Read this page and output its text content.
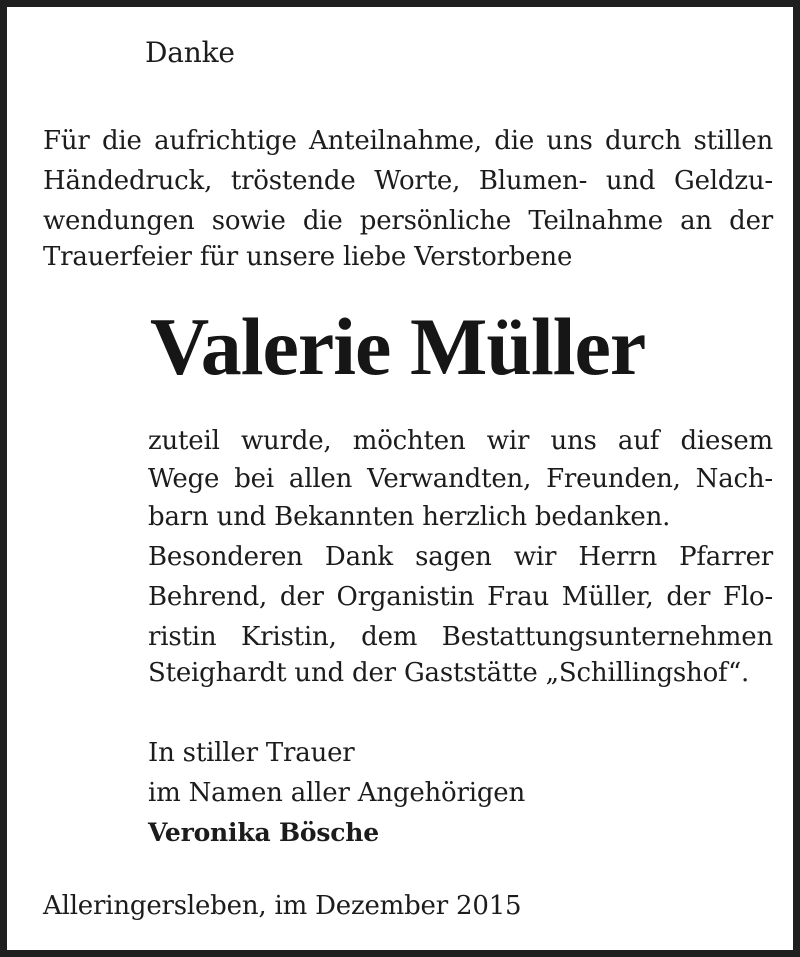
Danke
Für die aufrichtige Anteilnahme, die uns durch stillen
Händedruck, tröstende Worte, Blumen- und Geldzu-
wendungen sowie die persönliche Teilnahme an der
Trauerfeier für unsere liebe Verstorbene
Valerie Müller
zuteil wurde, möchten wir uns auf diesem
Wege bei allen Verwandten, Freunden, Nach-
barn und Bekannten herzlich bedanken.
Besonderen Dank sagen wir Herrn Pfarrer
Behrend, der Organistin Frau Müller, der Flo-
ristin Kristin, dem Bestattungsunternehmen
Steighardt und der Gaststätte „Schillingshof“.
In stiller Trauer
im Namen aller Angehörigen
Veronika Bösche
Alleringersleben, im Dezember 2015
